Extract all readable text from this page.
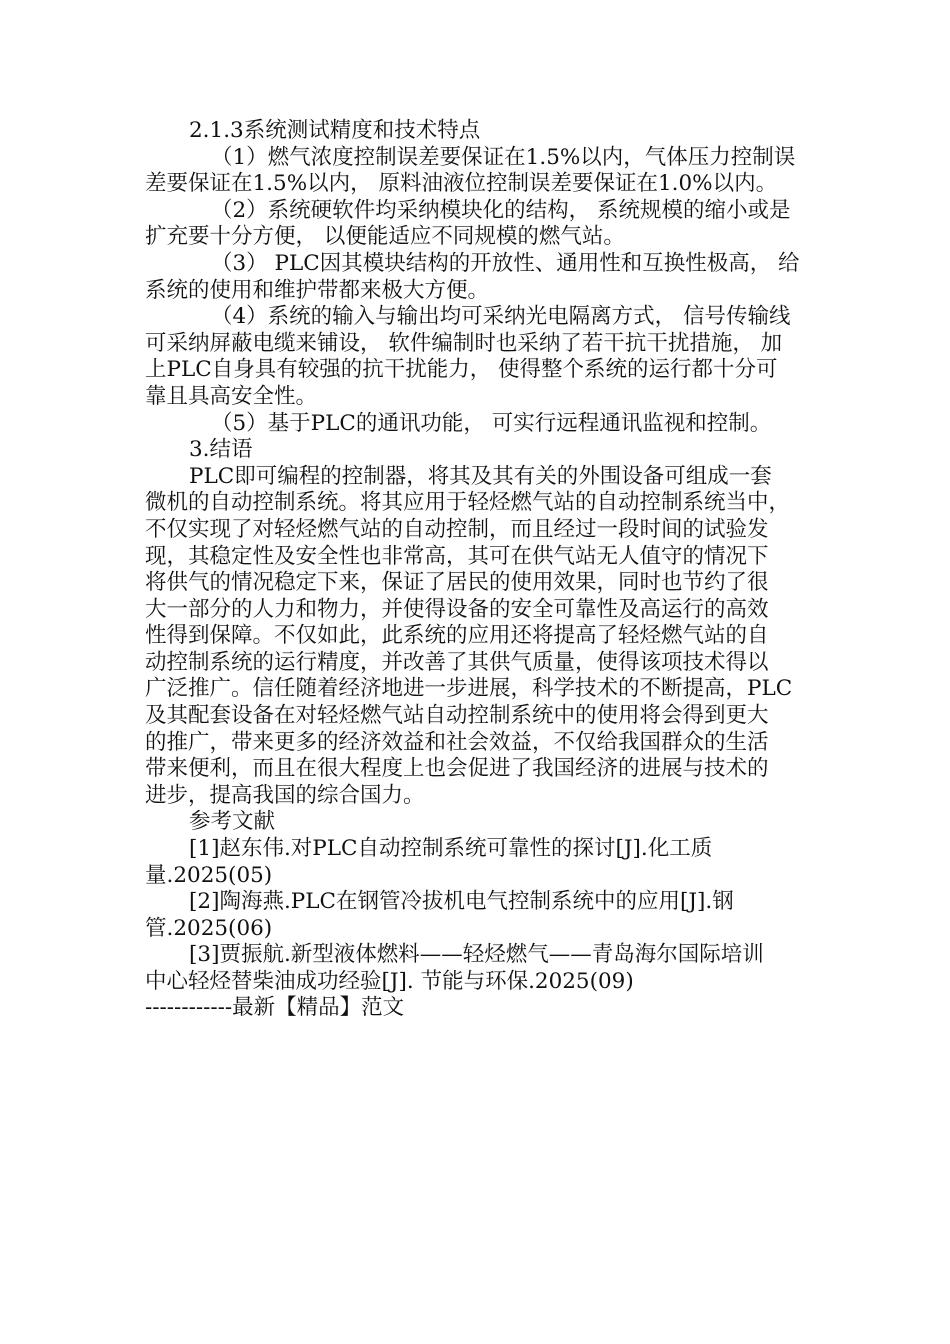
2.1.3系统测试精度和技术特点
（1）燃气浓度控制误差要保证在1.5%以内，气体压力控制误
差要保证在1.5%以内， 原料油液位控制误差要保证在1.0%以内。
（2）系统硬软件均采纳模块化的结构， 系统规模的缩小或是
扩充要十分方便， 以便能适应不同规模的燃气站。
（3） PLC因其模块结构的开放性、通用性和互换性极高， 给
系统的使用和维护带都来极大方便。
（4）系统的输入与输出均可采纳光电隔离方式， 信号传输线
可采纳屏蔽电缆来铺设， 软件编制时也采纳了若干抗干扰措施， 加
上PLC自身具有较强的抗干扰能力， 使得整个系统的运行都十分可
靠且具高安全性。
（5）基于PLC的通讯功能， 可实行远程通讯监视和控制。
3.结语
PLC即可编程的控制器，将其及其有关的外围设备可组成一套
微机的自动控制系统。将其应用于轻烃燃气站的自动控制系统当中，
不仅实现了对轻烃燃气站的自动控制，而且经过一段时间的试验发
现，其稳定性及安全性也非常高，其可在供气站无人值守的情况下
将供气的情况稳定下来，保证了居民的使用效果，同时也节约了很
大一部分的人力和物力，并使得设备的安全可靠性及高运行的高效
性得到保障。不仅如此，此系统的应用还将提高了轻烃燃气站的自
动控制系统的运行精度，并改善了其供气质量，使得该项技术得以
广泛推广。信任随着经济地进一步进展，科学技术的不断提高，PLC
及其配套设备在对轻烃燃气站自动控制系统中的使用将会得到更大
的推广，带来更多的经济效益和社会效益，不仅给我国群众的生活
带来便利，而且在很大程度上也会促进了我国经济的进展与技术的
进步，提高我国的综合国力。
参考文献
[1]赵东伟.对PLC自动控制系统可靠性的探讨[J].化工质
量.2025(05)
[2]陶海燕.PLC在钢管冷拔机电气控制系统中的应用[J].钢
管.2025(06)
[3]贾振航.新型液体燃料——轻烃燃气——青岛海尔国际培训
中心轻烃替柴油成功经验[J]. 节能与环保.2025(09)
------------最新【精品】范文
